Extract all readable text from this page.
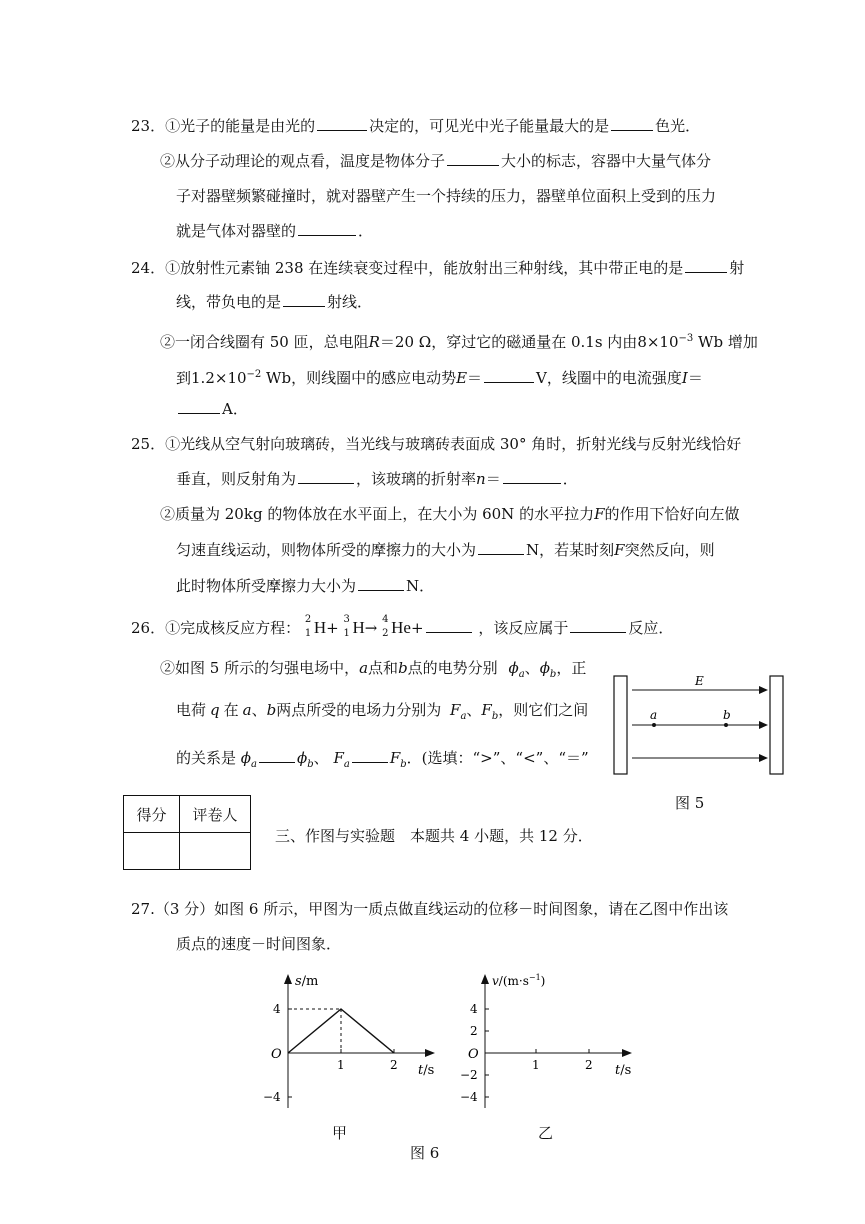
23．①光子的能量是由光的	决定的，可见光中光子能量最大的是	色光．
②从分子动理论的观点看，温度是物体分子	大小的标志，容器中大量气体分
子对器壁频繁碰撞时，就对器壁产生一个持续的压力，器壁单位面积上受到的压力
就是气体对器壁的	．
24．①放射性元素铀 238 在连续衰变过程中，能放射出三种射线，其中带正电的是	射
线，带负电的是	射线．
②一闭合线圈有 50 匝，总电阻R＝20 Ω，穿过它的磁通量在 0.1s 内由$8\times 10^{-3}$ Wb 增加
到$1.2\times 10^{-2}$ Wb，则线圈中的感应电动势E＝	V，线圈中的电流强度I＝
A．
25．①光线从空气射向玻璃砖，当光线与玻璃砖表面成 30° 角时，折射光线与反射光线恰好
垂直，则反射角为	，该玻璃的折射率n＝	．
②质量为 20kg 的物体放在水平面上，在大小为 60N 的水平拉力F的作用下恰好向左做
匀速直线运动，则物体所受的摩擦力的大小为	N，若某时刻F突然反向，则
此时物体所受摩擦力大小为	N．
26．①完成核反应方程： 2
1 H+ 3
1 H→ 4
2 He+	，该反应属于	反应．
②如图 5 所示的匀强电场中，a点和b点的电势分别 $\phi_a$、$\phi_b$，正
电荷 q 在 a、b两点所受的电场力分别为 $F_a$、$F_b$，则它们之间
的关系是 $\phi_a$	$\phi_b$、 $F_a$	$F_b$．(选填：“>”、“<”、“＝”
E
a	b
图 5
得分	评卷人

三、作图与实验题　本题共 4 小题，共 12 分．
27.（3 分）如图 6 所示，甲图为一质点做直线运动的位移－时间图象，请在乙图中作出该
质点的速度－时间图象．
s/m
t/s
O
4
−4
1	2
甲
$v/(m\cdot s^{-1})$
t/s
O
4
2
−2
−4
1	2
乙
图 6
